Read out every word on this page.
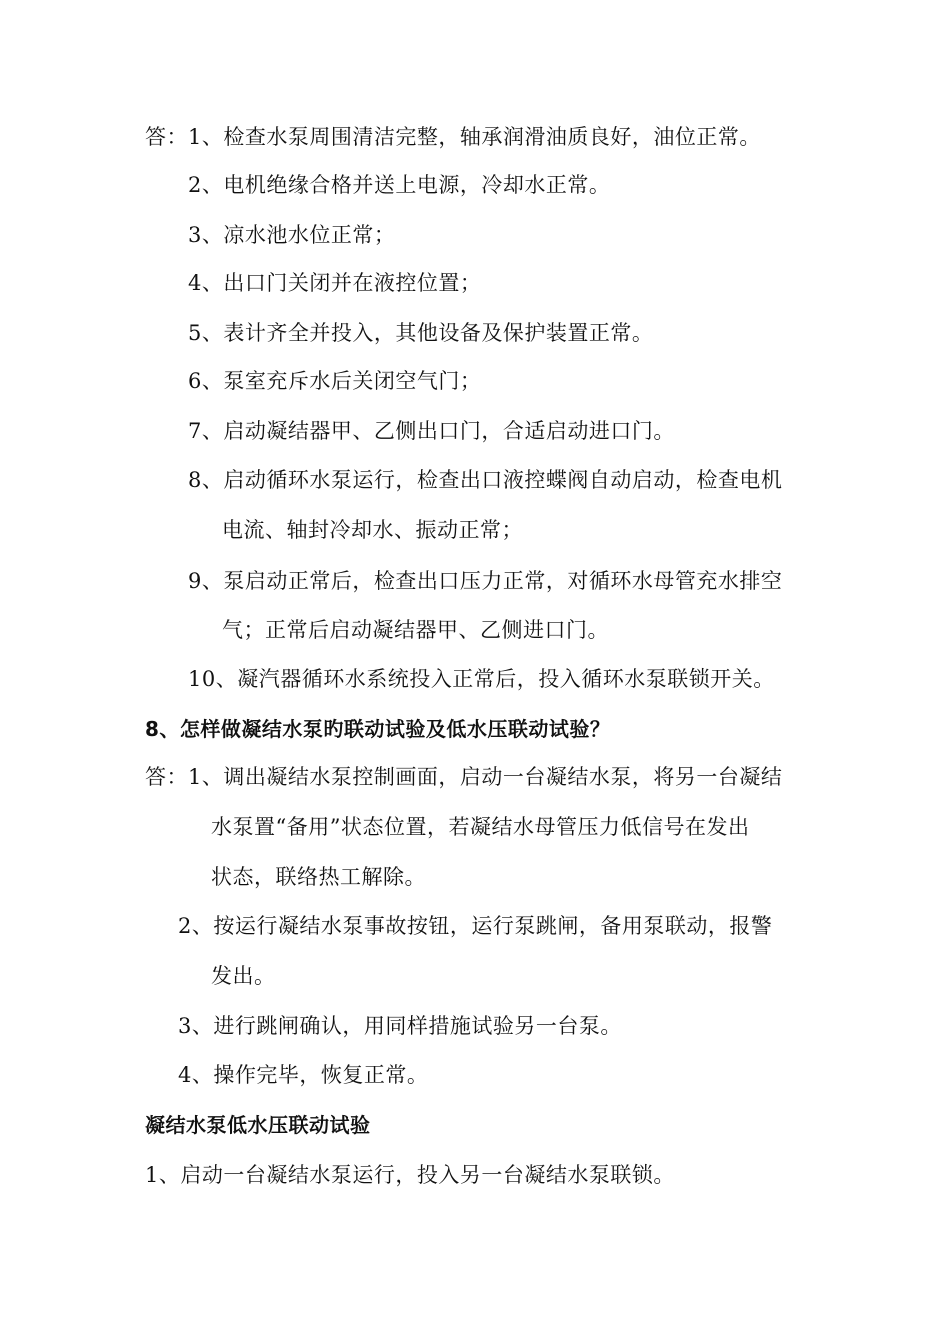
答：1、检查水泵周围清洁完整，轴承润滑油质良好，油位正常。
2、电机绝缘合格并送上电源，冷却水正常。
3、凉水池水位正常；
4、出口门关闭并在液控位置；
5、表计齐全并投入，其他设备及保护装置正常。
6、泵室充斥水后关闭空气门；
7、启动凝结器甲、乙侧出口门，合适启动进口门。
8、启动循环水泵运行，检查出口液控蝶阀自动启动，检查电机
电流、轴封冷却水、振动正常；
9、泵启动正常后，检查出口压力正常，对循环水母管充水排空
气；正常后启动凝结器甲、乙侧进口门。
10、凝汽器循环水系统投入正常后，投入循环水泵联锁开关。
8、怎样做凝结水泵旳联动试验及低水压联动试验？
答：1、调出凝结水泵控制画面，启动一台凝结水泵，将另一台凝结
水泵置“备用”状态位置，若凝结水母管压力低信号在发出
状态，联络热工解除。
2、按运行凝结水泵事故按钮，运行泵跳闸，备用泵联动，报警
发出。
3、进行跳闸确认，用同样措施试验另一台泵。
4、操作完毕，恢复正常。
凝结水泵低水压联动试验
1、启动一台凝结水泵运行，投入另一台凝结水泵联锁。
